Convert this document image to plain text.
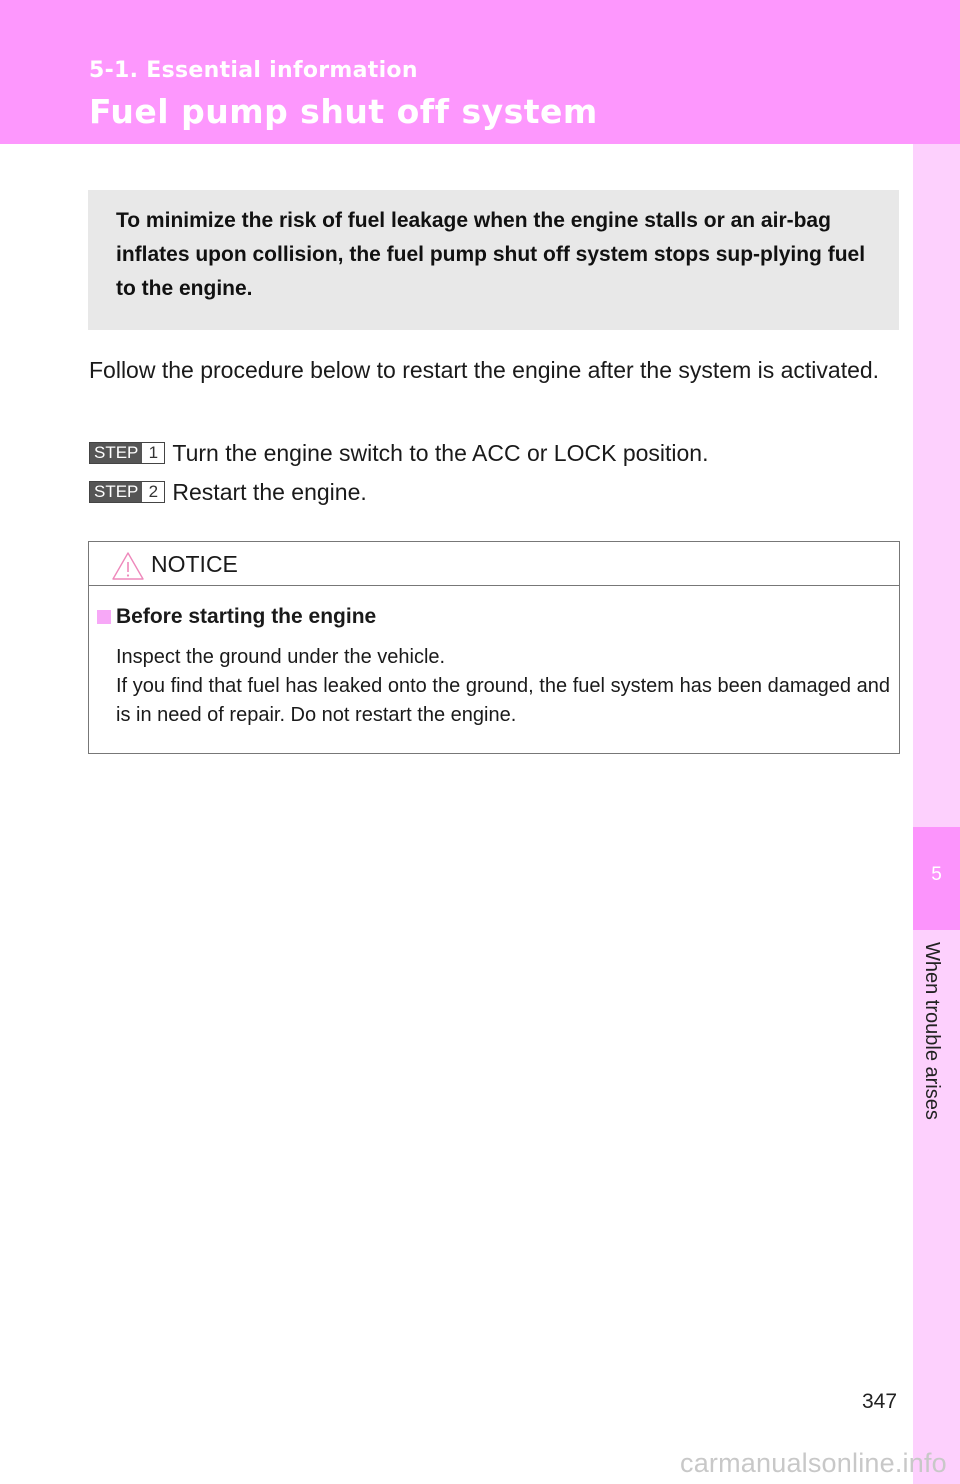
5-1. Essential information
Fuel pump shut off system
5
When trouble arises
To minimize the risk of fuel leakage when the engine stalls or an air-bag inflates upon collision, the fuel pump shut off system stops sup-plying fuel to the engine.
Follow the procedure below to restart the engine after the system is activated.
STEP 1 Turn the engine switch to the ACC or LOCK position.
STEP 2 Restart the engine.
NOTICE
Before starting the engine

Inspect the ground under the vehicle.

If you find that fuel has leaked onto the ground, the fuel system has been damaged and is in need of repair. Do not restart the engine.

347
carmanualsonline.info
